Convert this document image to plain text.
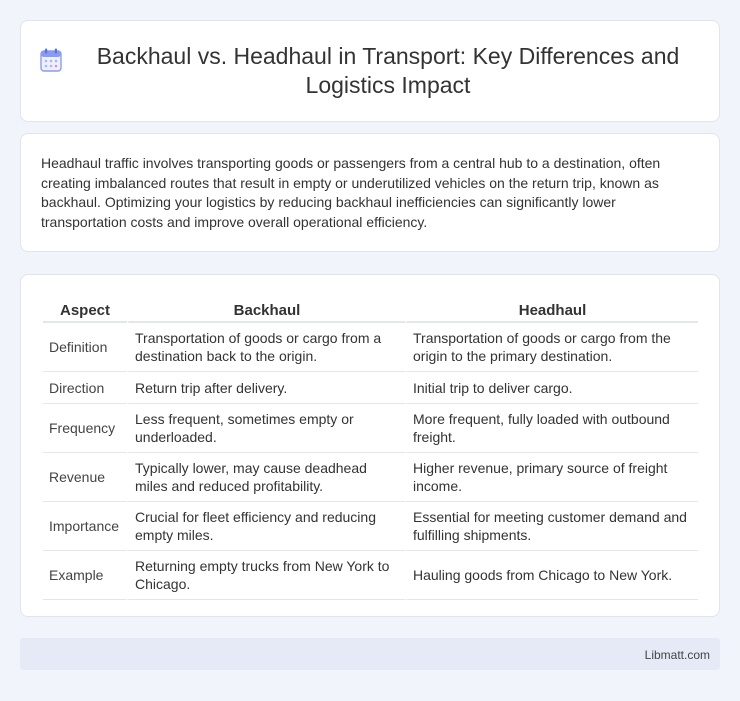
Backhaul vs. Headhaul in Transport: Key Differences and Logistics Impact

Headhaul traffic involves transporting goods or passengers from a central hub to a destination, often creating imbalanced routes that result in empty or underutilized vehicles on the return trip, known as backhaul. Optimizing your logistics by reducing backhaul inefficiencies can significantly lower transportation costs and improve overall operational efficiency.

Aspect	Backhaul	Headhaul
Definition	Transportation of goods or cargo from a destination back to the origin.	Transportation of goods or cargo from the origin to the primary destination.
Direction	Return trip after delivery.	Initial trip to deliver cargo.
Frequency	Less frequent, sometimes empty or underloaded.	More frequent, fully loaded with outbound freight.
Revenue	Typically lower, may cause deadhead miles and reduced profitability.	Higher revenue, primary source of freight income.
Importance	Crucial for fleet efficiency and reducing empty miles.	Essential for meeting customer demand and fulfilling shipments.
Example	Returning empty trucks from New York to Chicago.	Hauling goods from Chicago to New York.
Libmatt.com
